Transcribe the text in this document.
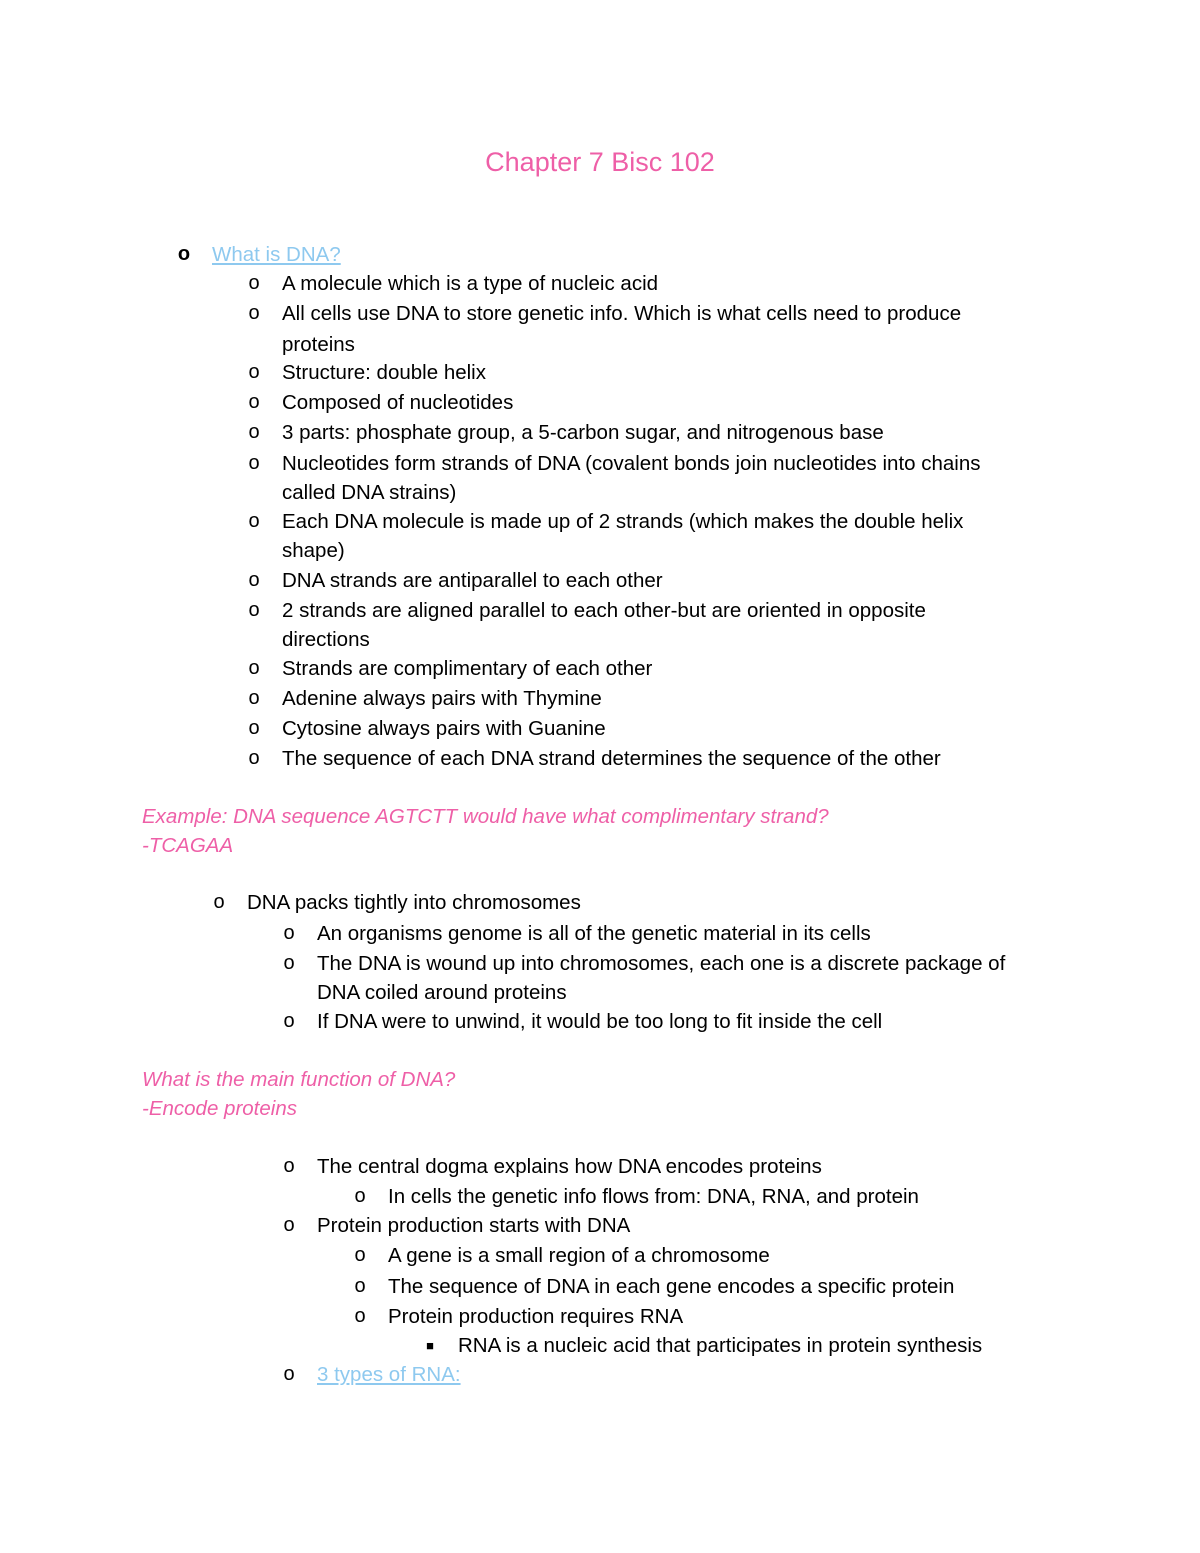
Chapter 7 Bisc 102
o What is DNA?
o A molecule which is a type of nucleic acid
o All cells use DNA to store genetic info. Which is what cells need to produce
proteins
o Structure: double helix
o Composed of nucleotides
o 3 parts: phosphate group, a 5-carbon sugar, and nitrogenous base
o Nucleotides form strands of DNA (covalent bonds join nucleotides into chains
called DNA strains)
o Each DNA molecule is made up of 2 strands (which makes the double helix
shape)
o DNA strands are antiparallel to each other
o 2 strands are aligned parallel to each other-but are oriented in opposite
directions
o Strands are complimentary of each other
o Adenine always pairs with Thymine
o Cytosine always pairs with Guanine
o The sequence of each DNA strand determines the sequence of the other
Example: DNA sequence AGTCTT would have what complimentary strand?
-TCAGAA
o DNA packs tightly into chromosomes
o An organisms genome is all of the genetic material in its cells
o The DNA is wound up into chromosomes, each one is a discrete package of
DNA coiled around proteins
o If DNA were to unwind, it would be too long to fit inside the cell
What is the main function of DNA?
-Encode proteins
o The central dogma explains how DNA encodes proteins
o In cells the genetic info flows from: DNA, RNA, and protein
o Protein production starts with DNA
o A gene is a small region of a chromosome
o The sequence of DNA in each gene encodes a specific protein
o Protein production requires RNA
■ RNA is a nucleic acid that participates in protein synthesis
o 3 types of RNA:
